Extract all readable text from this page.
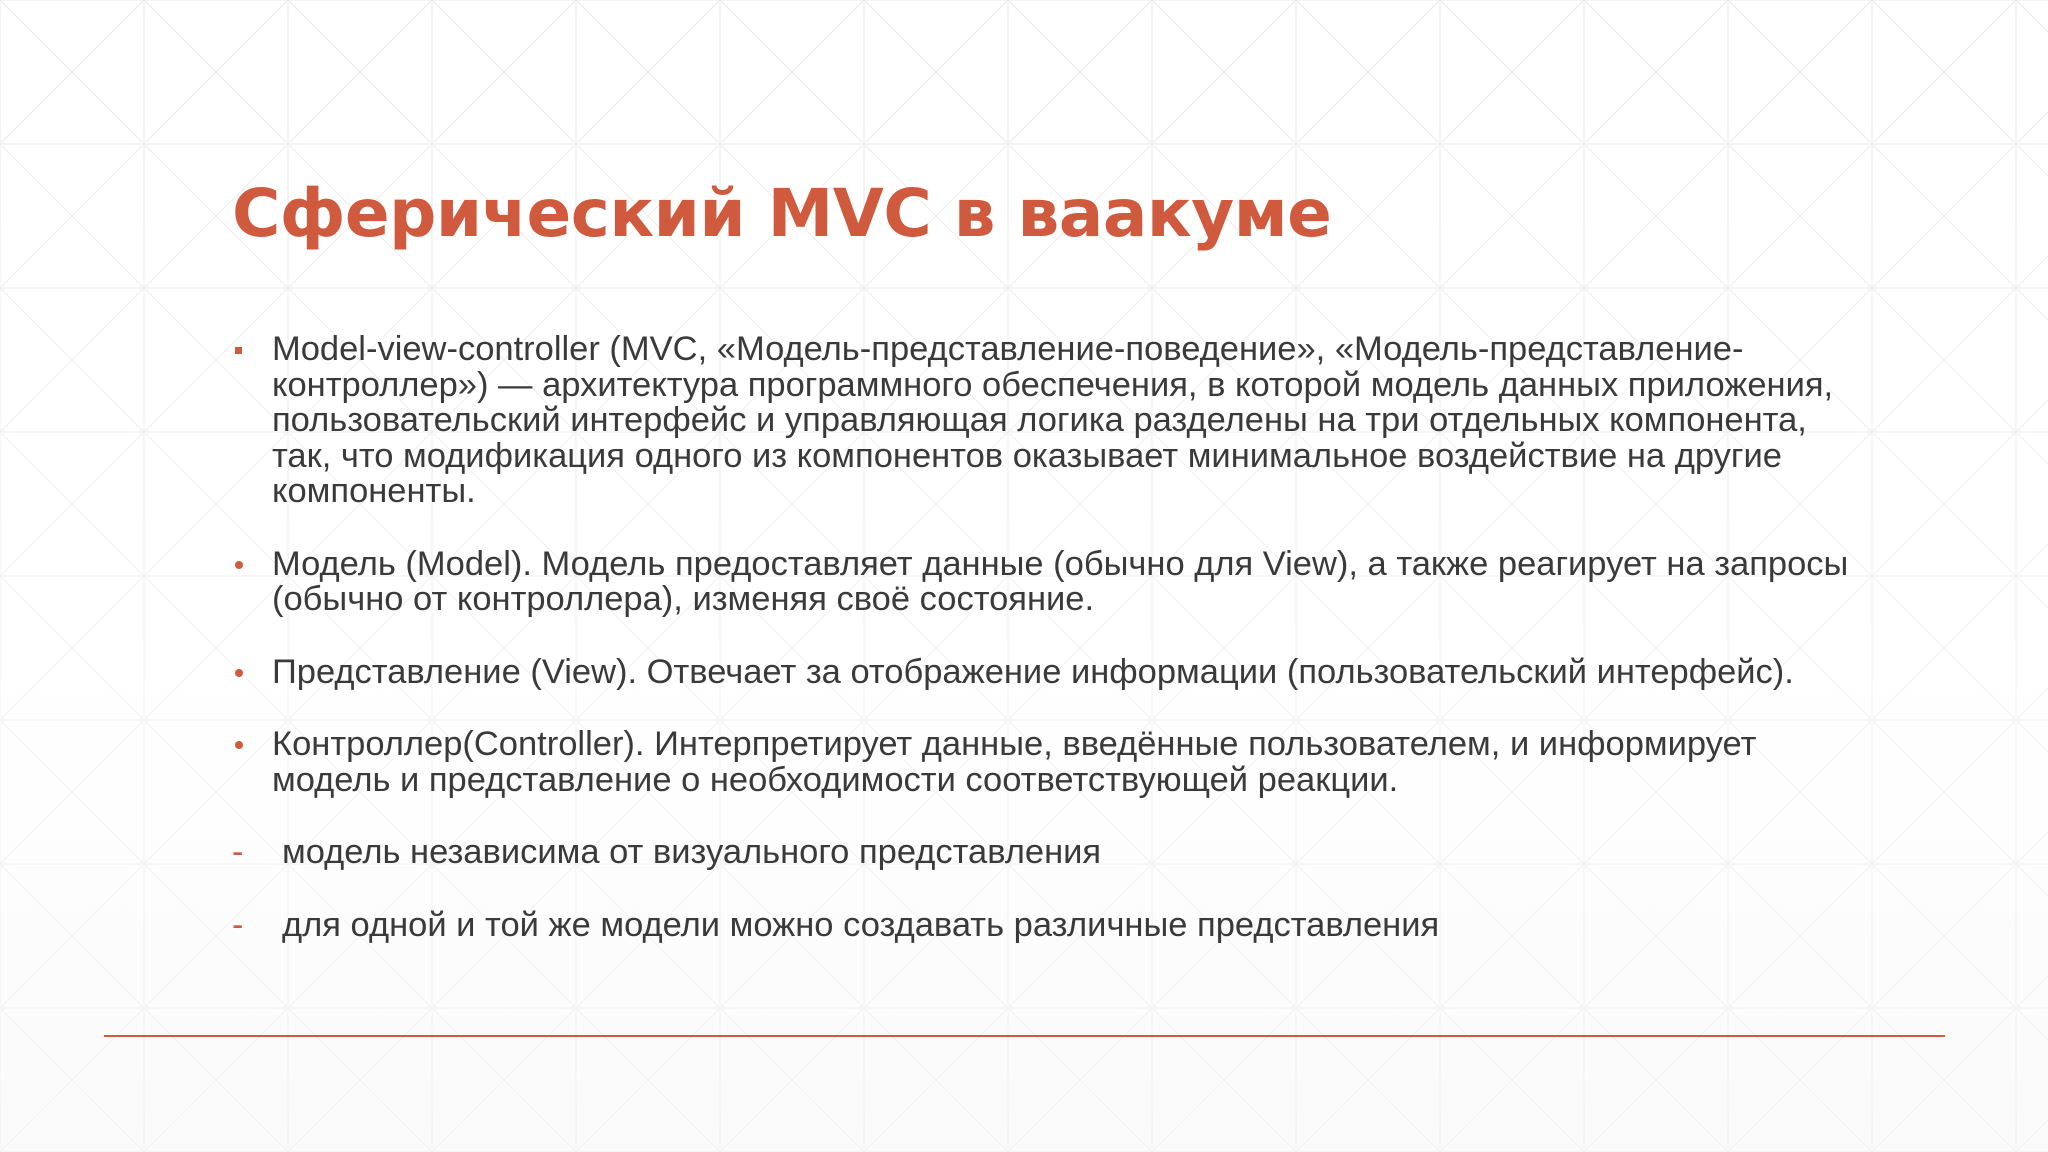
Сферический MVC в ваакуме
Model-view-controller (MVC, «Модель-представление-поведение», «Модель-представление-контроллер») — архитектура программного обеспечения, в которой модель данных приложения, пользовательский интерфейс и управляющая логика разделены на три отдельных компонента, так, что модификация одного из компонентов оказывает минимальное воздействие на другие компоненты.
Модель (Model). Модель предоставляет данные (обычно для View), а также реагирует на запросы (обычно от контроллера), изменяя своё состояние.
Представление (View). Отвечает за отображение информации (пользовательский интерфейс).
Контроллер(Controller). Интерпретирует данные, введённые пользователем, и информирует модель и представление о необходимости соответствующей реакции.
-	модель независима от визуального представления
-	для одной и той же модели можно создавать различные представления
